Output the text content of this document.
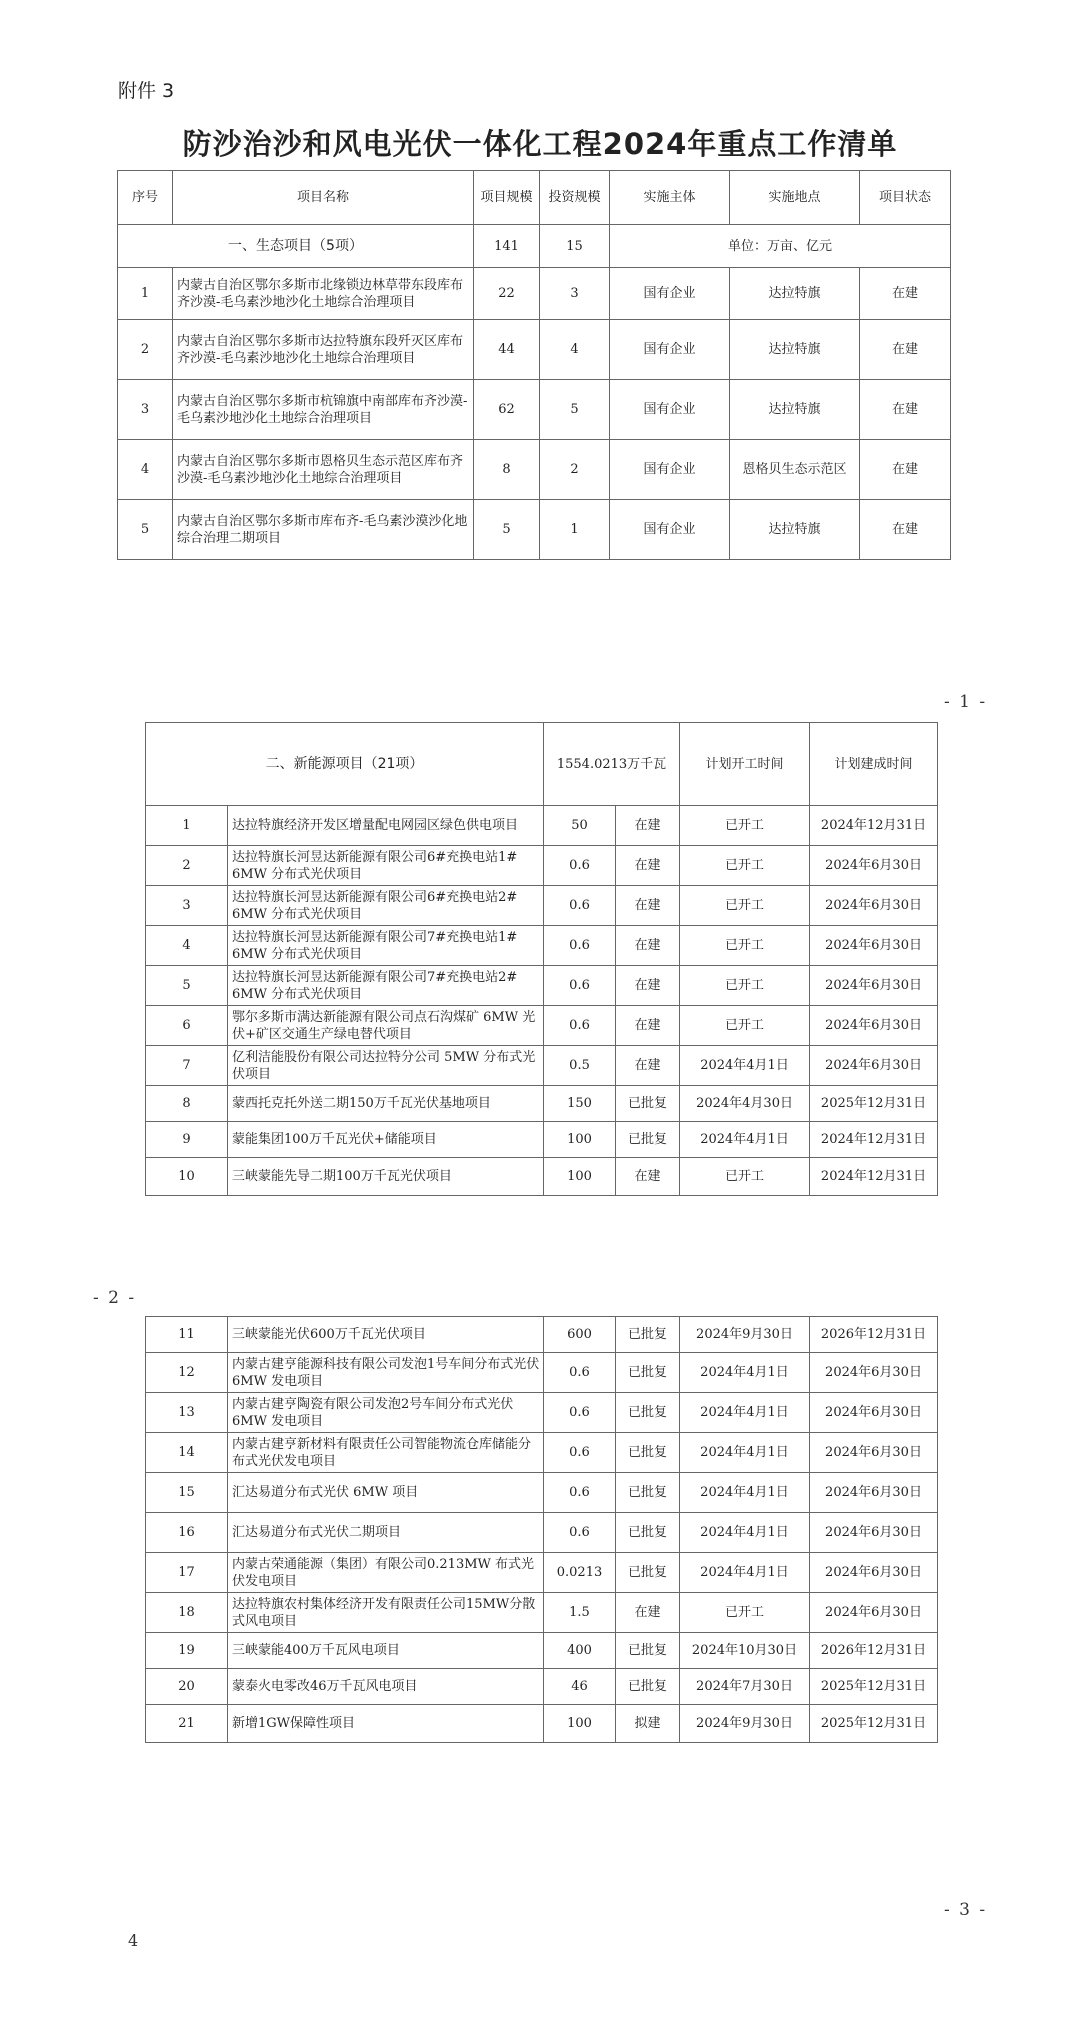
附件 3
防沙治沙和风电光伏一体化工程2024年重点工作清单
序号	项目名称	项目规模	投资规模	实施主体	实施地点	项目状态
一、生态项目（5项）		141	15	单位：万亩、亿元		
1	内蒙古自治区鄂尔多斯市北缘锁边林草带东段库布齐沙漠-毛乌素沙地沙化土地综合治理项目	22	3	国有企业	达拉特旗	在建
2	内蒙古自治区鄂尔多斯市达拉特旗东段歼灭区库布齐沙漠-毛乌素沙地沙化土地综合治理项目	44	4	国有企业	达拉特旗	在建
3	内蒙古自治区鄂尔多斯市杭锦旗中南部库布齐沙漠-毛乌素沙地沙化土地综合治理项目	62	5	国有企业	达拉特旗	在建
4	内蒙古自治区鄂尔多斯市恩格贝生态示范区库布齐沙漠-毛乌素沙地沙化土地综合治理项目	8	2	国有企业	恩格贝生态示范区	在建
5	内蒙古自治区鄂尔多斯市库布齐-毛乌素沙漠沙化地综合治理二期项目	5	1	国有企业	达拉特旗	在建
- 1 -
二、新能源项目（21项）		1554.0213万千瓦		计划开工时间	计划建成时间
1	达拉特旗经济开发区增量配电网园区绿色供电项目	50	在建	已开工	2024年12月31日
2	达拉特旗长河昱达新能源有限公司6#充换电站1# 6MW 分布式光伏项目	0.6	在建	已开工	2024年6月30日
3	达拉特旗长河昱达新能源有限公司6#充换电站2# 6MW 分布式光伏项目	0.6	在建	已开工	2024年6月30日
4	达拉特旗长河昱达新能源有限公司7#充换电站1# 6MW 分布式光伏项目	0.6	在建	已开工	2024年6月30日
5	达拉特旗长河昱达新能源有限公司7#充换电站2# 6MW 分布式光伏项目	0.6	在建	已开工	2024年6月30日
6	鄂尔多斯市满达新能源有限公司点石沟煤矿 6MW 光伏+矿区交通生产绿电替代项目	0.6	在建	已开工	2024年6月30日
7	亿利洁能股份有限公司达拉特分公司 5MW 分布式光伏项目	0.5	在建	2024年4月1日	2024年6月30日
8	蒙西托克托外送二期150万千瓦光伏基地项目	150	已批复	2024年4月30日	2025年12月31日
9	蒙能集团100万千瓦光伏+储能项目	100	已批复	2024年4月1日	2024年12月31日
10	三峡蒙能先导二期100万千瓦光伏项目	100	在建	已开工	2024年12月31日
- 2 -
11	三峡蒙能光伏600万千瓦光伏项目	600	已批复	2024年9月30日	2026年12月31日
12	内蒙古建亨能源科技有限公司发泡1号车间分布式光伏 6MW 发电项目	0.6	已批复	2024年4月1日	2024年6月30日
13	内蒙古建亨陶瓷有限公司发泡2号车间分布式光伏 6MW 发电项目	0.6	已批复	2024年4月1日	2024年6月30日
14	内蒙古建亨新材料有限责任公司智能物流仓库储能分布式光伏发电项目	0.6	已批复	2024年4月1日	2024年6月30日
15	汇达易道分布式光伏 6MW 项目	0.6	已批复	2024年4月1日	2024年6月30日
16	汇达易道分布式光伏二期项目	0.6	已批复	2024年4月1日	2024年6月30日
17	内蒙古荣通能源（集团）有限公司0.213MW 布式光伏发电项目	0.0213	已批复	2024年4月1日	2024年6月30日
18	达拉特旗农村集体经济开发有限责任公司15MW分散式风电项目	1.5	在建	已开工	2024年6月30日
19	三峡蒙能400万千瓦风电项目	400	已批复	2024年10月30日	2026年12月31日
20	蒙泰火电零改46万千瓦风电项目	46	已批复	2024年7月30日	2025年12月31日
21	新增1GW保障性项目	100	拟建	2024年9月30日	2025年12月31日
- 3 -
4
